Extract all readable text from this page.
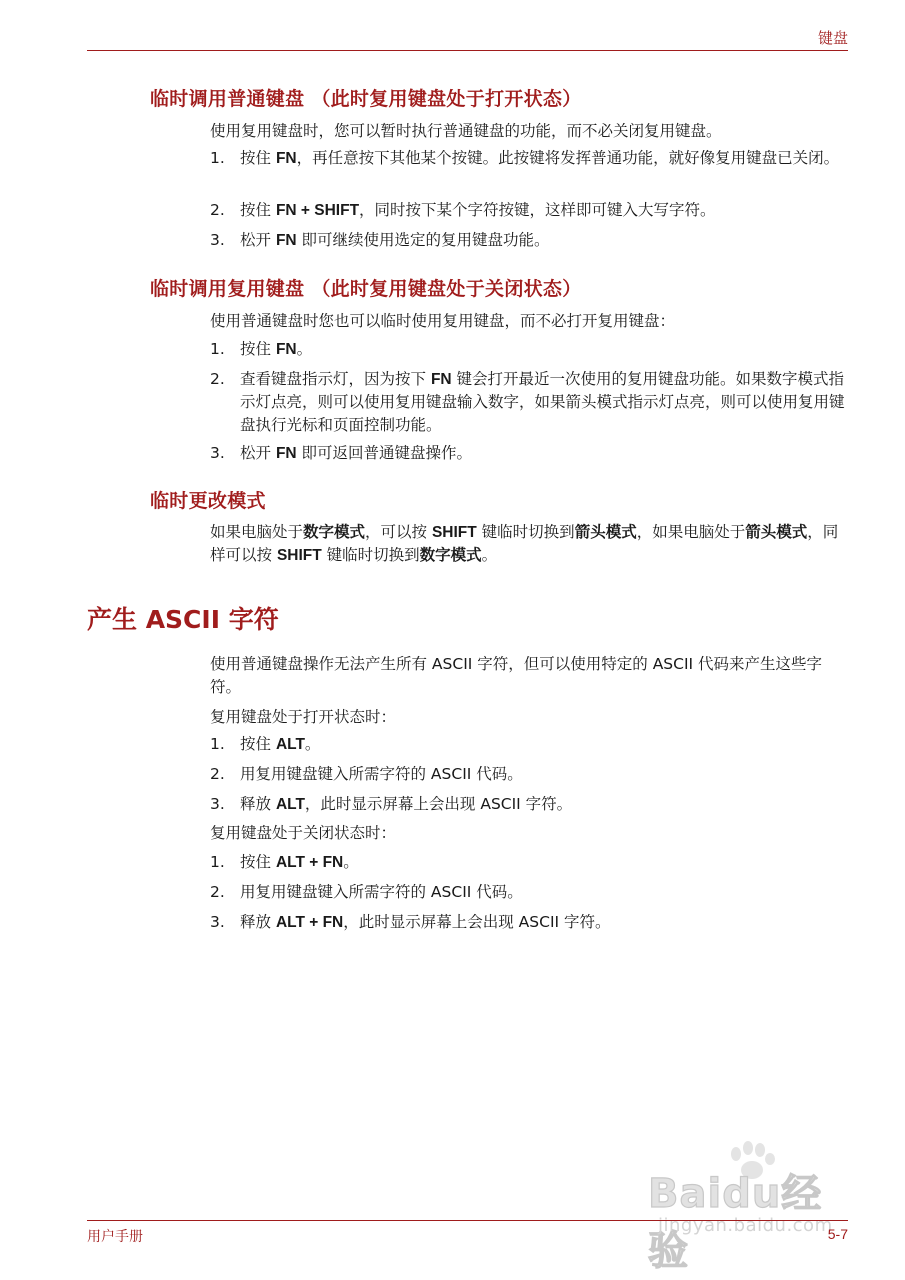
键盘
临时调用普通键盘 （此时复用键盘处于打开状态）
使用复用键盘时，您可以暂时执行普通键盘的功能，而不必关闭复用键盘。
1. 按住 FN，再任意按下其他某个按键。此按键将发挥普通功能，就好像复用键盘已关闭。
2. 按住 FN + SHIFT，同时按下某个字符按键，这样即可键入大写字符。
3. 松开 FN 即可继续使用选定的复用键盘功能。
临时调用复用键盘 （此时复用键盘处于关闭状态）
使用普通键盘时您也可以临时使用复用键盘，而不必打开复用键盘：
1. 按住 FN。
2. 查看键盘指示灯，因为按下 FN 键会打开最近一次使用的复用键盘功能。如果数字模式指示灯点亮，则可以使用复用键盘输入数字，如果箭头模式指示灯点亮，则可以使用复用键盘执行光标和页面控制功能。
3. 松开 FN 即可返回普通键盘操作。
临时更改模式
如果电脑处于数字模式，可以按 SHIFT 键临时切换到箭头模式，如果电脑处于箭头模式，同样可以按 SHIFT 键临时切换到数字模式。
产生 ASCII 字符
使用普通键盘操作无法产生所有 ASCII 字符，但可以使用特定的 ASCII 代码来产生这些字符。
复用键盘处于打开状态时：
1. 按住 ALT。
2. 用复用键盘键入所需字符的 ASCII 代码。
3. 释放 ALT，此时显示屏幕上会出现 ASCII 字符。
复用键盘处于关闭状态时：
1. 按住 ALT + FN。
2. 用复用键盘键入所需字符的 ASCII 代码。
3. 释放 ALT + FN，此时显示屏幕上会出现 ASCII 字符。
Baidu经验
jingyan.baidu.com
用户手册	5-7
